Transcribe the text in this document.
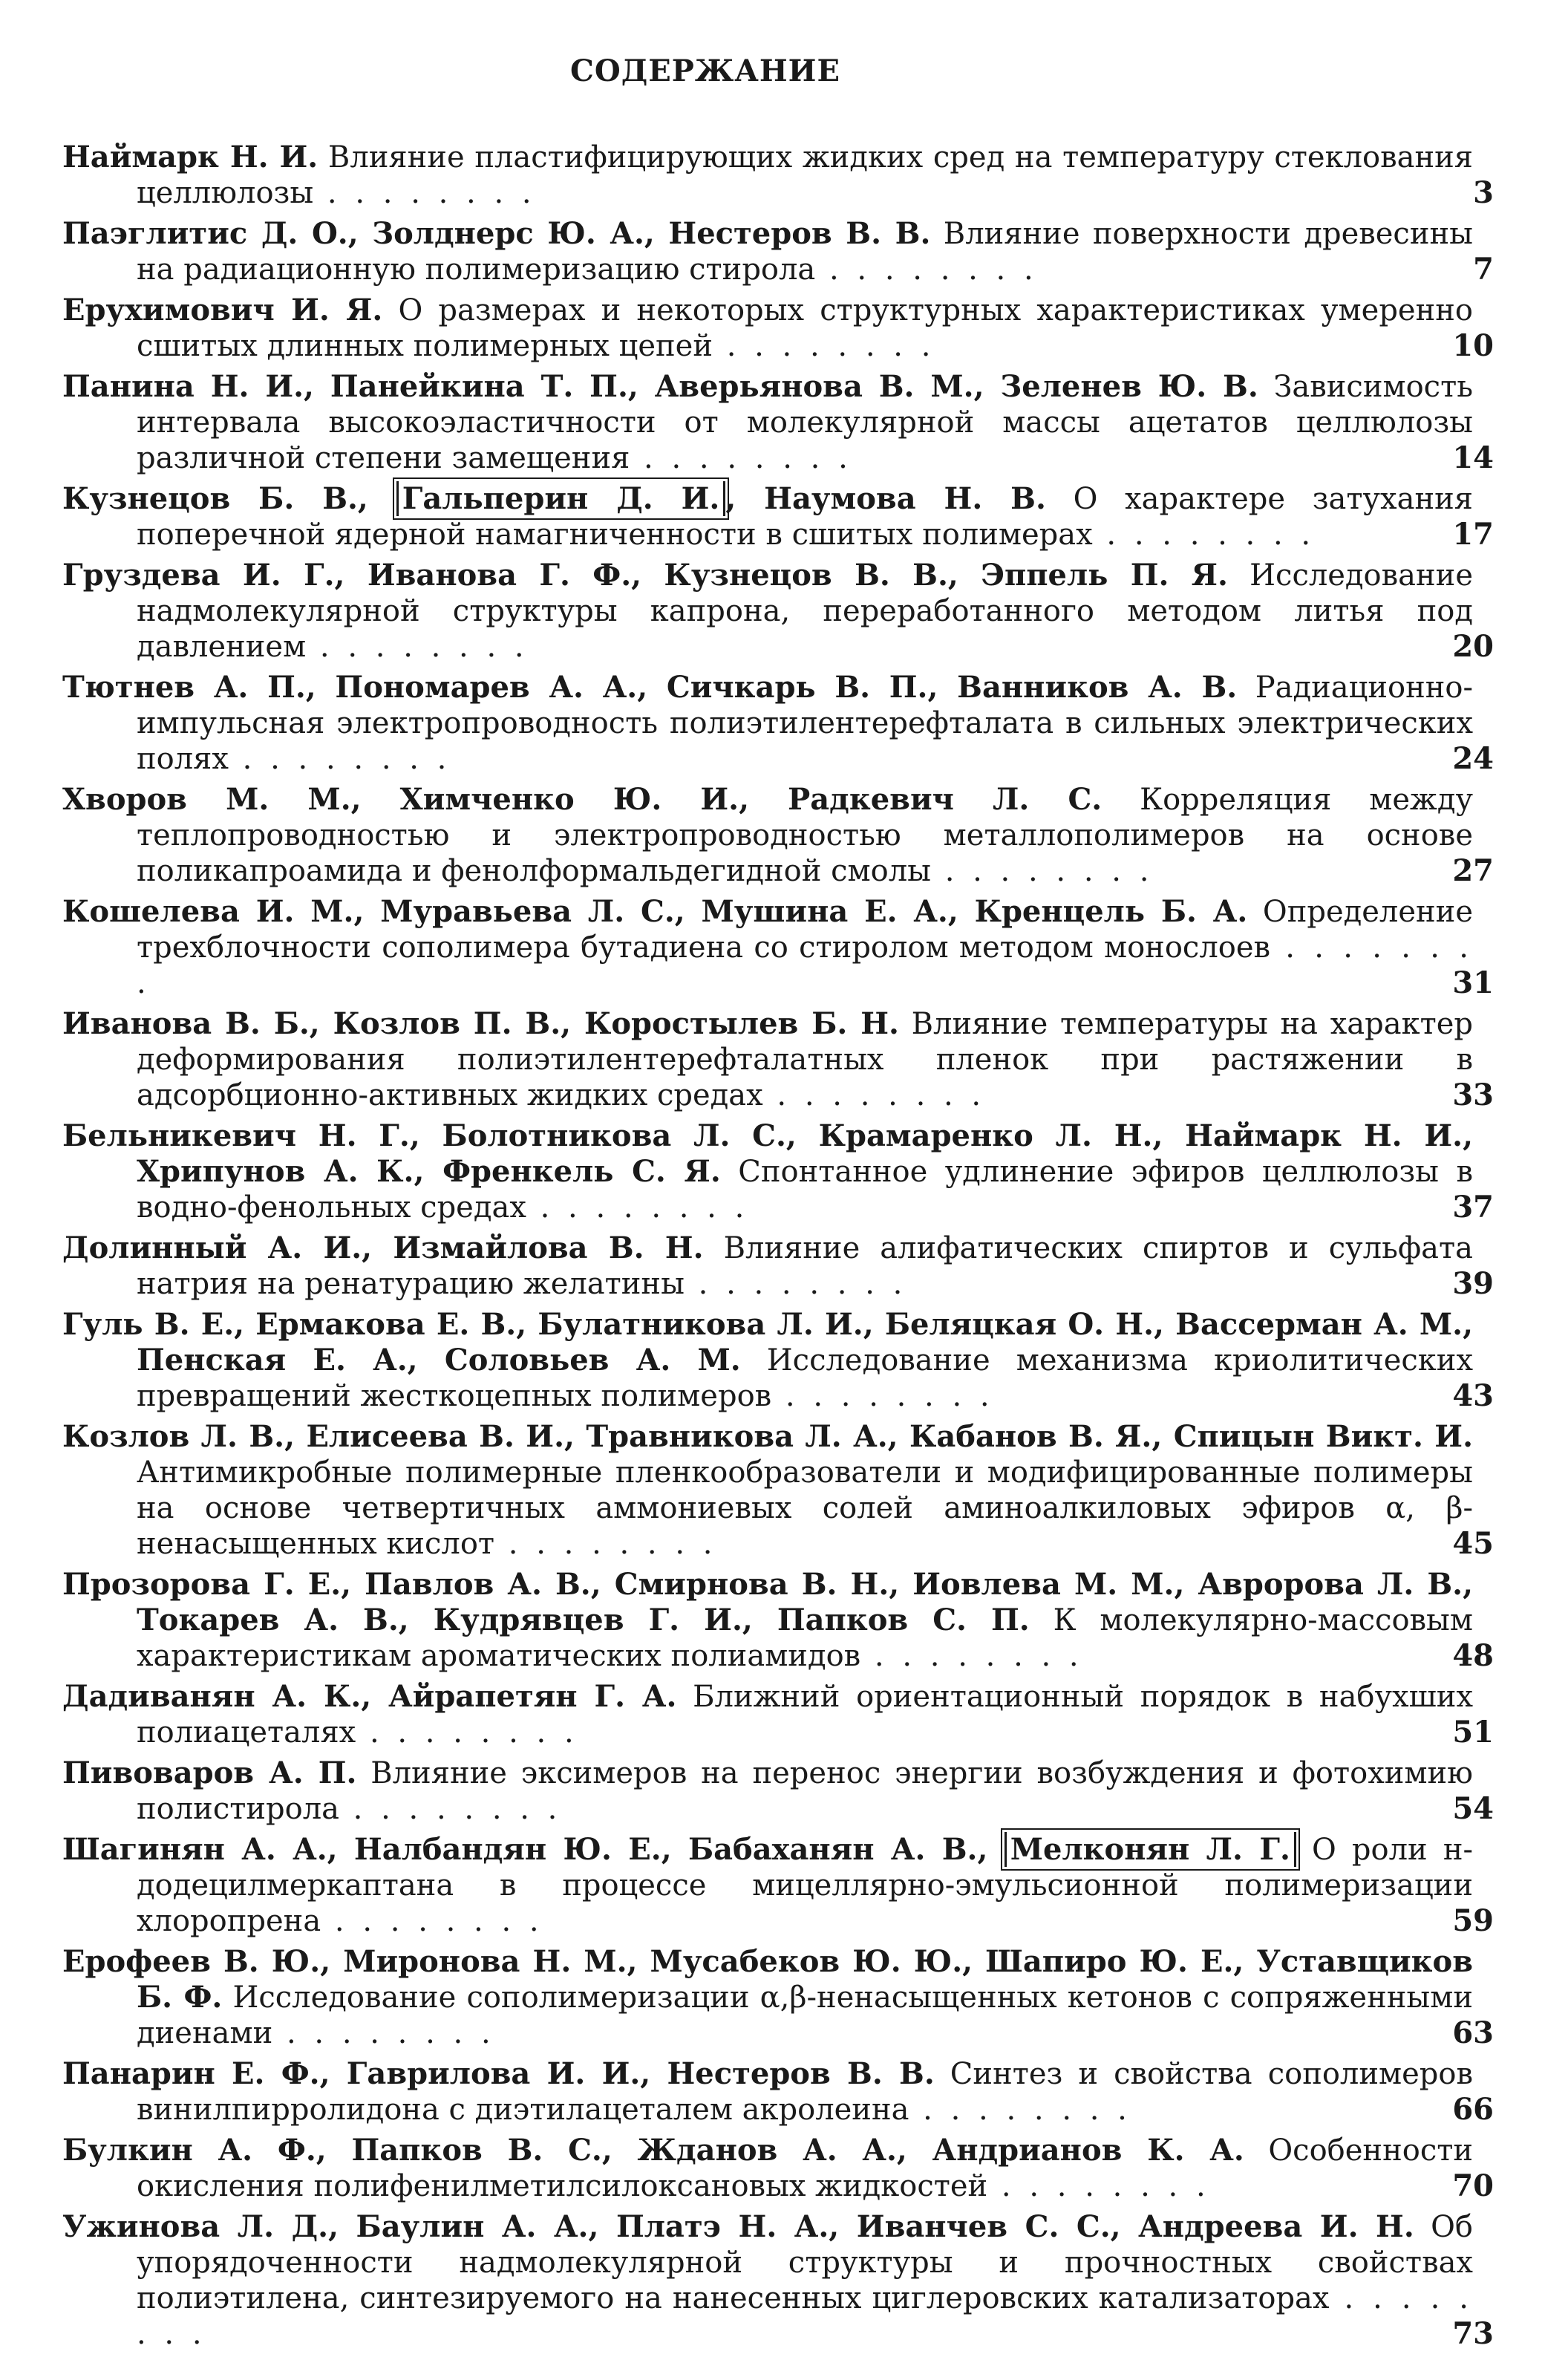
СОДЕРЖАНИЕ
Наймарк Н. И. Влияние пластифицирующих жидких сред на температуру стеклования целлюлозы . . . . . . . .	3
Паэглитис Д. О., Золднерс Ю. А., Нестеров В. В. Влияние поверхности древесины на радиационную полимеризацию стирола . . . . . . . .	7
Ерухимович И. Я. О размерах и некоторых структурных характеристиках умеренно сшитых длинных полимерных цепей . . . . . . . .	10
Панина Н. И., Панейкина Т. П., Аверьянова В. М., Зеленев Ю. В. Зависимость интервала высокоэластичности от молекулярной массы ацетатов целлюлозы различной степени замещения . . . . . . . .	14
Кузнецов Б. В., Гальперин Д. И. , Наумова Н. В. О характере затухания поперечной ядерной намагниченности в сшитых полимерах . . . . . . . .	17
Груздева И. Г., Иванова Г. Ф., Кузнецов В. В., Эппель П. Я. Исследование надмолекулярной структуры капрона, переработанного методом литья под давлением . . . . . . . .	20
Тютнев А. П., Пономарев А. А., Сичкарь В. П., Ванников А. В. Радиационно-импульсная электропроводность полиэтилентерефталата в сильных электрических полях . . . . . . . .	24
Хворов М. М., Химченко Ю. И., Радкевич Л. С. Корреляция между теплопроводностью и электропроводностью металлополимеров на основе поликапроамида и фенолформальдегидной смолы . . . . . . . .	27
Кошелева И. М., Муравьева Л. С., Мушина Е. А., Кренцель Б. А. Определение трехблочности сополимера бутадиена со стиролом методом монослоев . . . . . . . .	31
Иванова В. Б., Козлов П. В., Коростылев Б. Н. Влияние температуры на характер деформирования полиэтилентерефталатных пленок при растяжении в адсорбционно-активных жидких средах . . . . . . . .	33
Бельникевич Н. Г., Болотникова Л. С., Крамаренко Л. Н., Наймарк Н. И., Хрипунов А. К., Френкель С. Я. Спонтанное удлинение эфиров целлюлозы в водно-фенольных средах . . . . . . . .	37
Долинный А. И., Измайлова В. Н. Влияние алифатических спиртов и сульфата натрия на ренатурацию желатины . . . . . . . .	39
Гуль В. Е., Ермакова Е. В., Булатникова Л. И., Беляцкая О. Н., Вассерман А. М., Пенская Е. А., Соловьев А. М. Исследование механизма криолитических превращений жесткоцепных полимеров . . . . . . . .	43
Козлов Л. В., Елисеева В. И., Травникова Л. А., Кабанов В. Я., Спицын Викт. И. Антимикробные полимерные пленкообразователи и модифицированные полимеры на основе четвертичных аммониевых солей аминоалкиловых эфиров α, β-ненасыщенных кислот . . . . . . . .	45
Прозорова Г. Е., Павлов А. В., Смирнова В. Н., Иовлева М. М., Авророва Л. В., Токарев А. В., Кудрявцев Г. И., Папков С. П. К молекулярно-массовым характеристикам ароматических полиамидов . . . . . . . .	48
Дадиванян А. К., Айрапетян Г. А. Ближний ориентационный порядок в набухших полиацеталях . . . . . . . .	51
Пивоваров А. П. Влияние эксимеров на перенос энергии возбуждения и фотохимию полистирола . . . . . . . .	54
Шагинян А. А., Налбандян Ю. Е., Бабаханян А. В., Мелконян Л. Г. О роли н-додецилмеркаптана в процессе мицеллярно-эмульсионной полимеризации хлоропрена . . . . . . . .	59
Ерофеев В. Ю., Миронова Н. М., Мусабеков Ю. Ю., Шапиро Ю. Е., Уставщиков Б. Ф. Исследование сополимеризации α,β-ненасыщенных кетонов с сопряженными диенами . . . . . . . .	63
Панарин Е. Ф., Гаврилова И. И., Нестеров В. В. Синтез и свойства сополимеров винилпирролидона с диэтилацеталем акролеина . . . . . . . .	66
Булкин А. Ф., Папков В. С., Жданов А. А., Андрианов К. А. Особенности окисления полифенилметилсилоксановых жидкостей . . . . . . . .	70
Ужинова Л. Д., Баулин А. А., Платэ Н. А., Иванчев С. С., Андреева И. Н. Об упорядоченности надмолекулярной структуры и прочностных свойствах полиэтилена, синтезируемого на нанесенных циглеровских катализаторах . . . . . . . .	73
